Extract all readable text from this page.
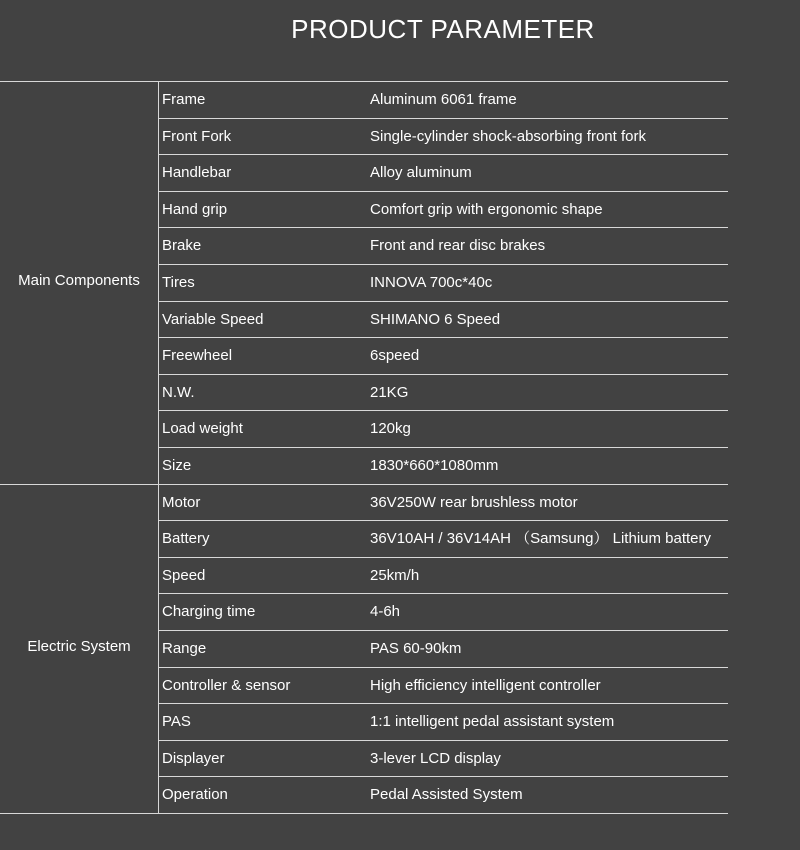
PRODUCT PARAMETER
Frame	Aluminum 6061 frame
Front Fork	Single-cylinder shock-absorbing front fork
Handlebar	Alloy aluminum
Hand grip	Comfort grip with ergonomic shape
Brake	Front and rear disc brakes
Tires	INNOVA 700c*40c
Variable Speed	SHIMANO 6 Speed
Freewheel	6speed
N.W.	21KG
Load weight	120kg
Size	1830*660*1080mm
Main Components
Motor	36V250W rear brushless motor
Battery	36V10AH / 36V14AH （Samsung） Lithium battery
Speed	25km/h
Charging time	4-6h
Range	PAS 60-90km
Controller & sensor	High efficiency intelligent controller
PAS	1:1 intelligent pedal assistant system
Displayer	3-lever LCD display
Operation	Pedal Assisted System
Electric System
